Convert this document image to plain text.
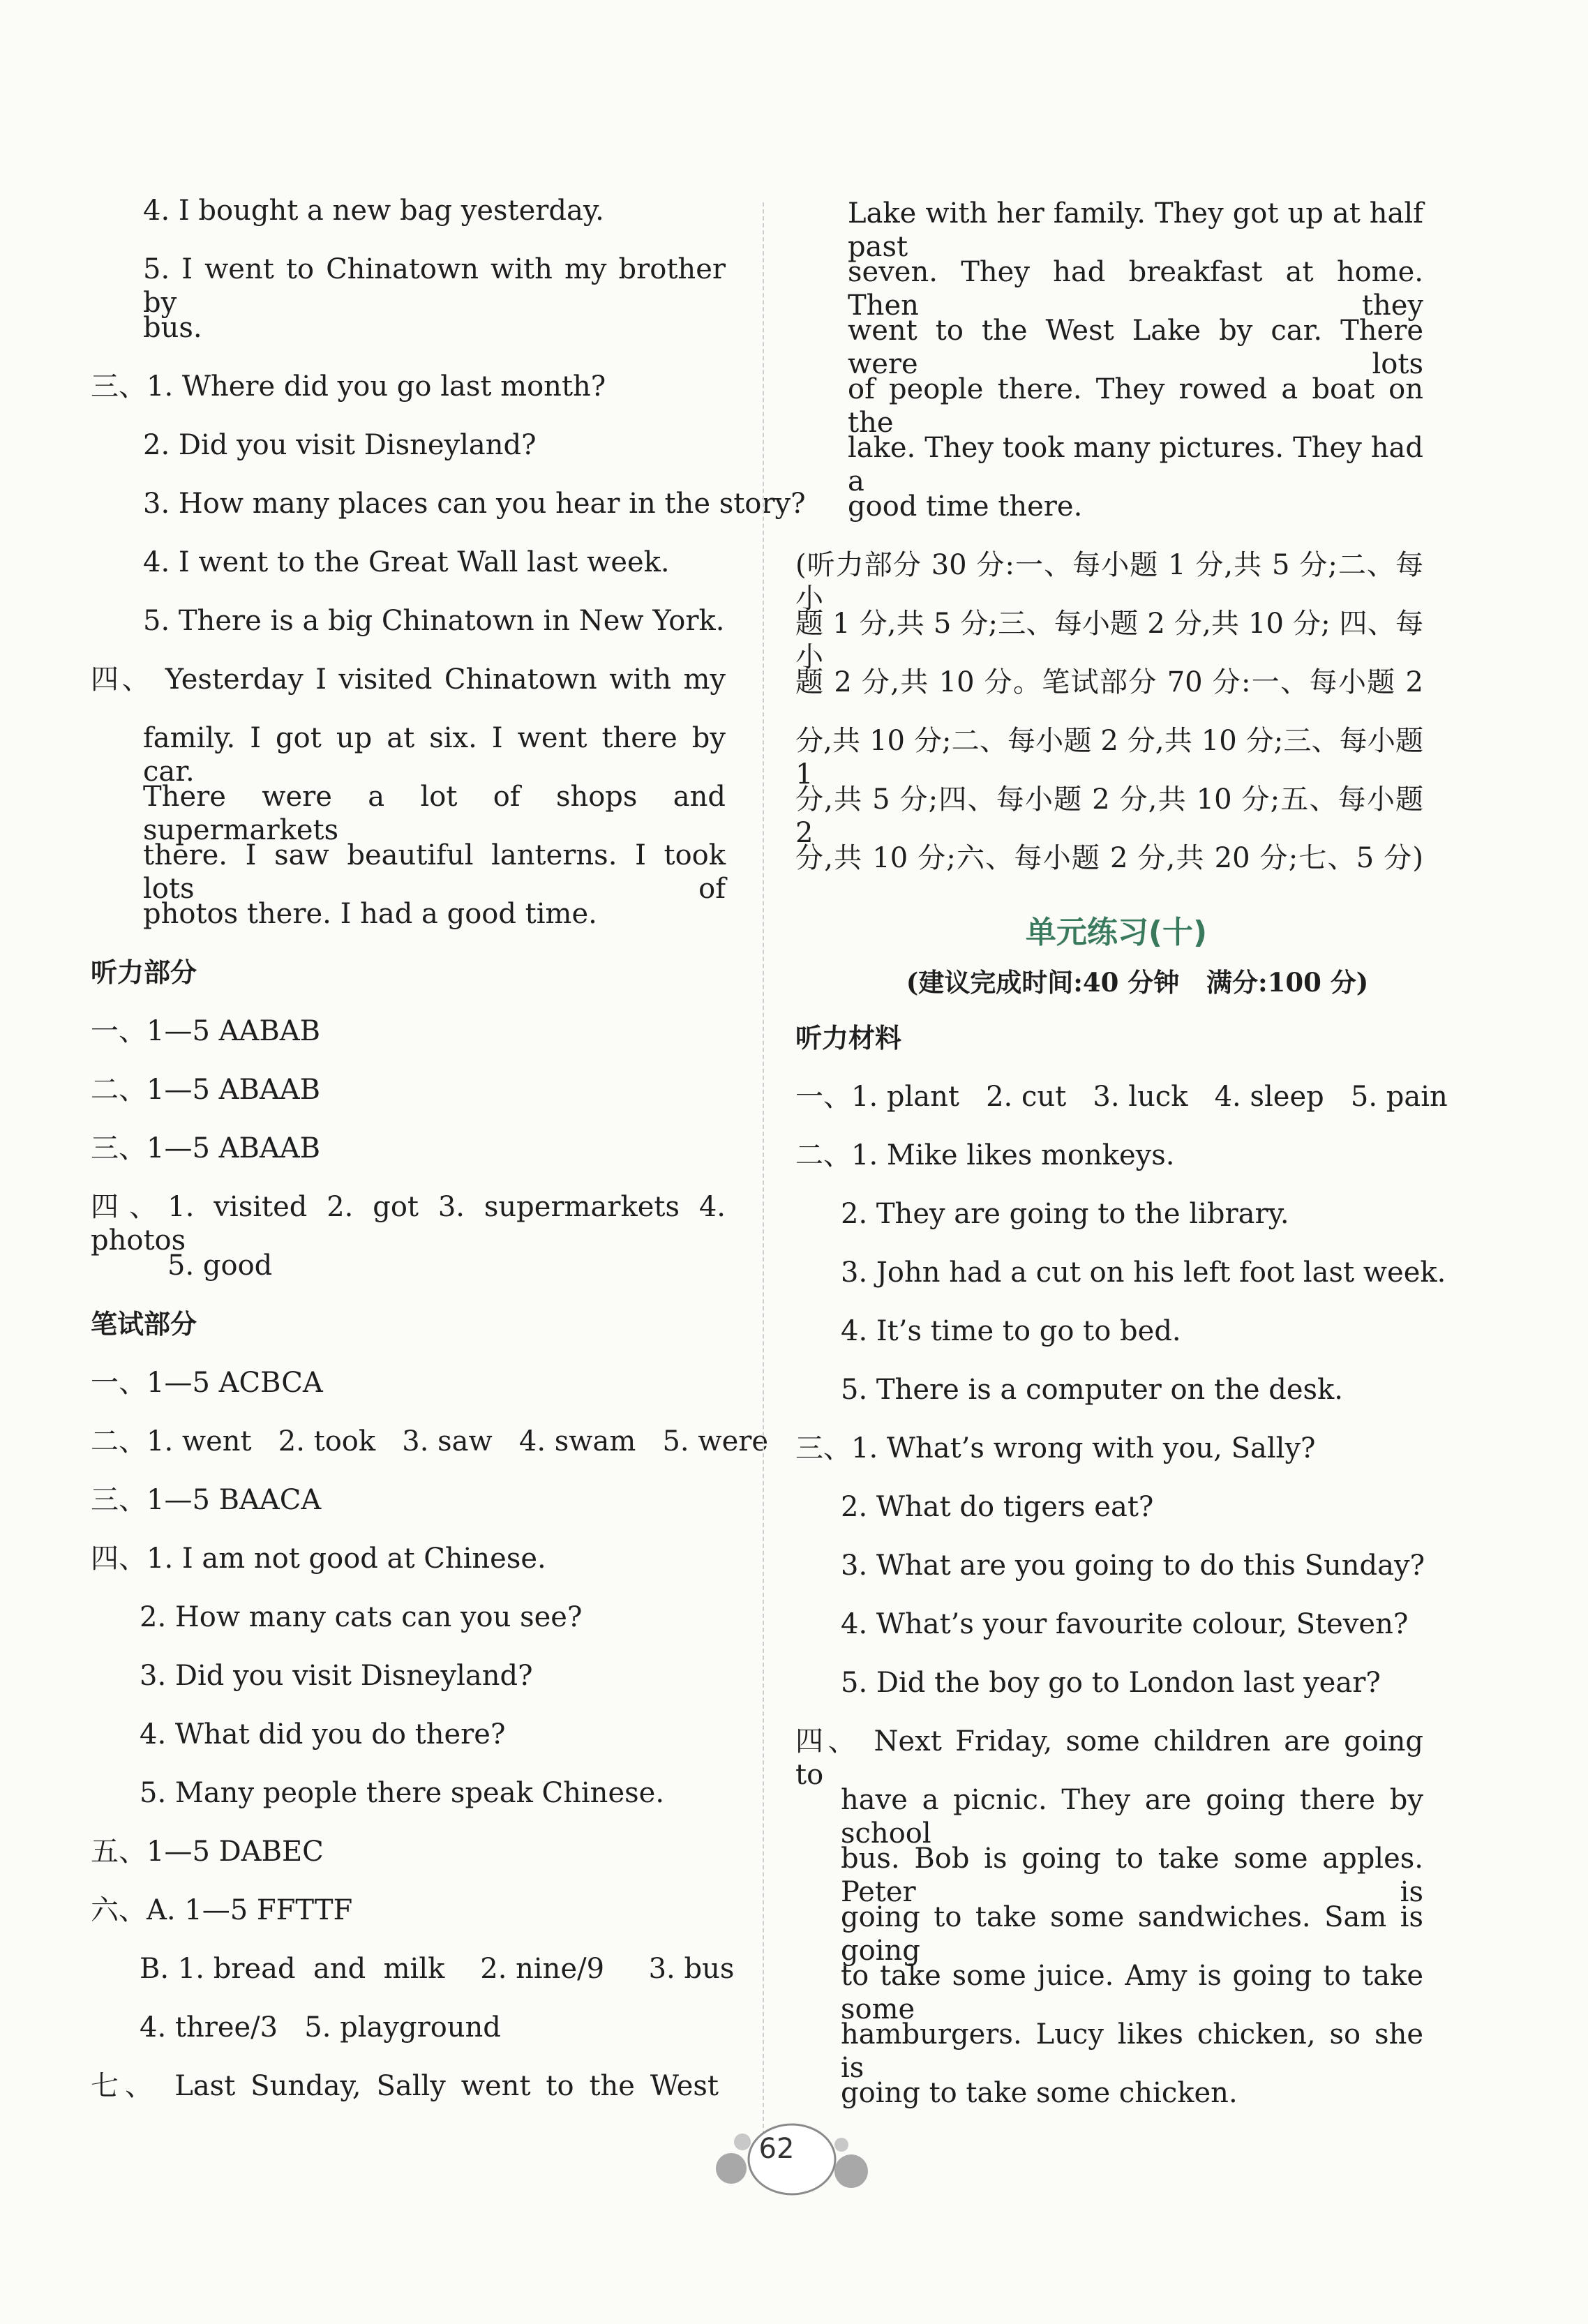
4. I bought a new bag yesterday.
5. I went to Chinatown with my brother by
bus.
三、1. Where did you go last month?
2. Did you visit Disneyland?
3. How many places can you hear in the story?
4. I went to the Great Wall last week.
5. There is a big Chinatown in New York.
四、 Yesterday I visited Chinatown with my
family. I got up at six. I went there by car.
There were a lot of shops and supermarkets
there. I saw beautiful lanterns. I took lots of
photos there. I had a good time.
听力部分
一、1—5 AABAB
二、1—5 ABAAB
三、1—5 ABAAB
四、1. visited 2. got 3. supermarkets 4. photos
5. good
笔试部分
一、1—5 ACBCA
二、1. went   2. took   3. saw   4. swam   5. were
三、1—5 BAACA
四、1. I am not good at Chinese.
2. How many cats can you see?
3. Did you visit Disneyland?
4. What did you do there?
5. Many people there speak Chinese.
五、1—5 DABEC
六、A. 1—5 FFTTF
B. 1. bread  and  milk    2. nine/9     3. bus
4. three/3   5. playground
七、 Last Sunday, Sally went to the West
Lake with her family. They got up at half past
seven. They had breakfast at home. Then they
went to the West Lake by car. There were lots
of people there. They rowed a boat on the
lake. They took many pictures. They had a
good time there.
(听力部分 30 分:一、每小题 1 分,共 5 分;二、每小
题 1 分,共 5 分;三、每小题 2 分,共 10 分; 四、每小
题 2 分,共 10 分。笔试部分 70 分:一、每小题 2
分,共 10 分;二、每小题 2 分,共 10 分;三、每小题 1
分,共 5 分;四、每小题 2 分,共 10 分;五、每小题 2
分,共 10 分;六、每小题 2 分,共 20 分;七、5 分)
听力材料
一、1. plant   2. cut   3. luck   4. sleep   5. pain
二、1. Mike likes monkeys.
2. They are going to the library.
3. John had a cut on his left foot last week.
4. It’s time to go to bed.
5. There is a computer on the desk.
三、1. What’s wrong with you, Sally?
2. What do tigers eat?
3. What are you going to do this Sunday?
4. What’s your favourite colour, Steven?
5. Did the boy go to London last year?
四、 Next Friday, some children are going to
have a picnic. They are going there by school
bus. Bob is going to take some apples. Peter is
going to take some sandwiches. Sam is going
to take some juice. Amy is going to take some
hamburgers. Lucy likes chicken, so she is
going to take some chicken.
单元练习(十)
(建议完成时间:40 分钟   满分:100 分)
62
